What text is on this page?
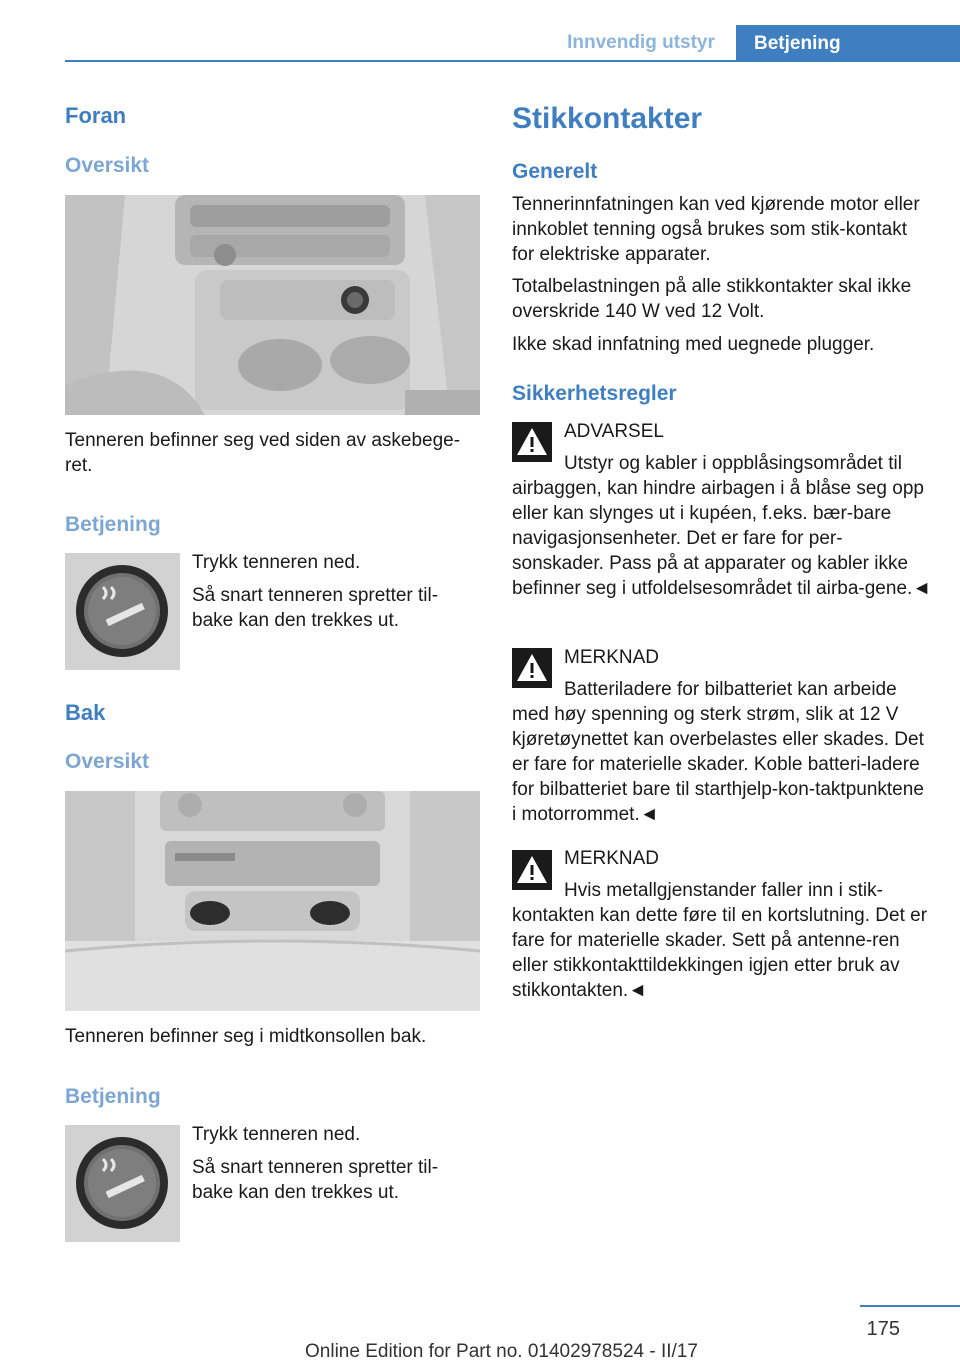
Innvendig utstyr	Betjening
Foran
Oversikt
Tenneren befinner seg ved siden av askebege-ret.
Betjening
Trykk tenneren ned.
Så snart tenneren spretter til-bake kan den trekkes ut.
Bak
Oversikt
Tenneren befinner seg i midtkonsollen bak.
Betjening
Trykk tenneren ned.
Så snart tenneren spretter til-bake kan den trekkes ut.
Stikkontakter
Generelt
Tennerinnfatningen kan ved kjørende motor eller innkoblet tenning også brukes som stik-kontakt for elektriske apparater.
Totalbelastningen på alle stikkontakter skal ikke overskride 140 W ved 12 Volt.
Ikke skad innfatning med uegnede plugger.
Sikkerhetsregler
ADVARSEL
Utstyr og kabler i oppblåsingsområdet til
airbaggen, kan hindre airbagen i å blåse seg opp eller kan slynges ut i kupéen, f.eks. bær-bare navigasjonsenheter. Det er fare for per-sonskader. Pass på at apparater og kabler ikke befinner seg i utfoldelsesområdet til airba-gene.◄
MERKNAD
Batteriladere for bilbatteriet kan arbeide
med høy spenning og sterk strøm, slik at 12 V kjøretøynettet kan overbelastes eller skades. Det er fare for materielle skader. Koble batteri-ladere for bilbatteriet bare til starthjelp-kon-taktpunktene i motorrommet.◄
MERKNAD
Hvis metallgjenstander faller inn i stik-
kontakten kan dette føre til en kortslutning. Det er fare for materielle skader. Sett på antenne-ren eller stikkontakttildekkingen igjen etter bruk av stikkontakten.◄
175
Online Edition for Part no. 01402978524 - II/17
